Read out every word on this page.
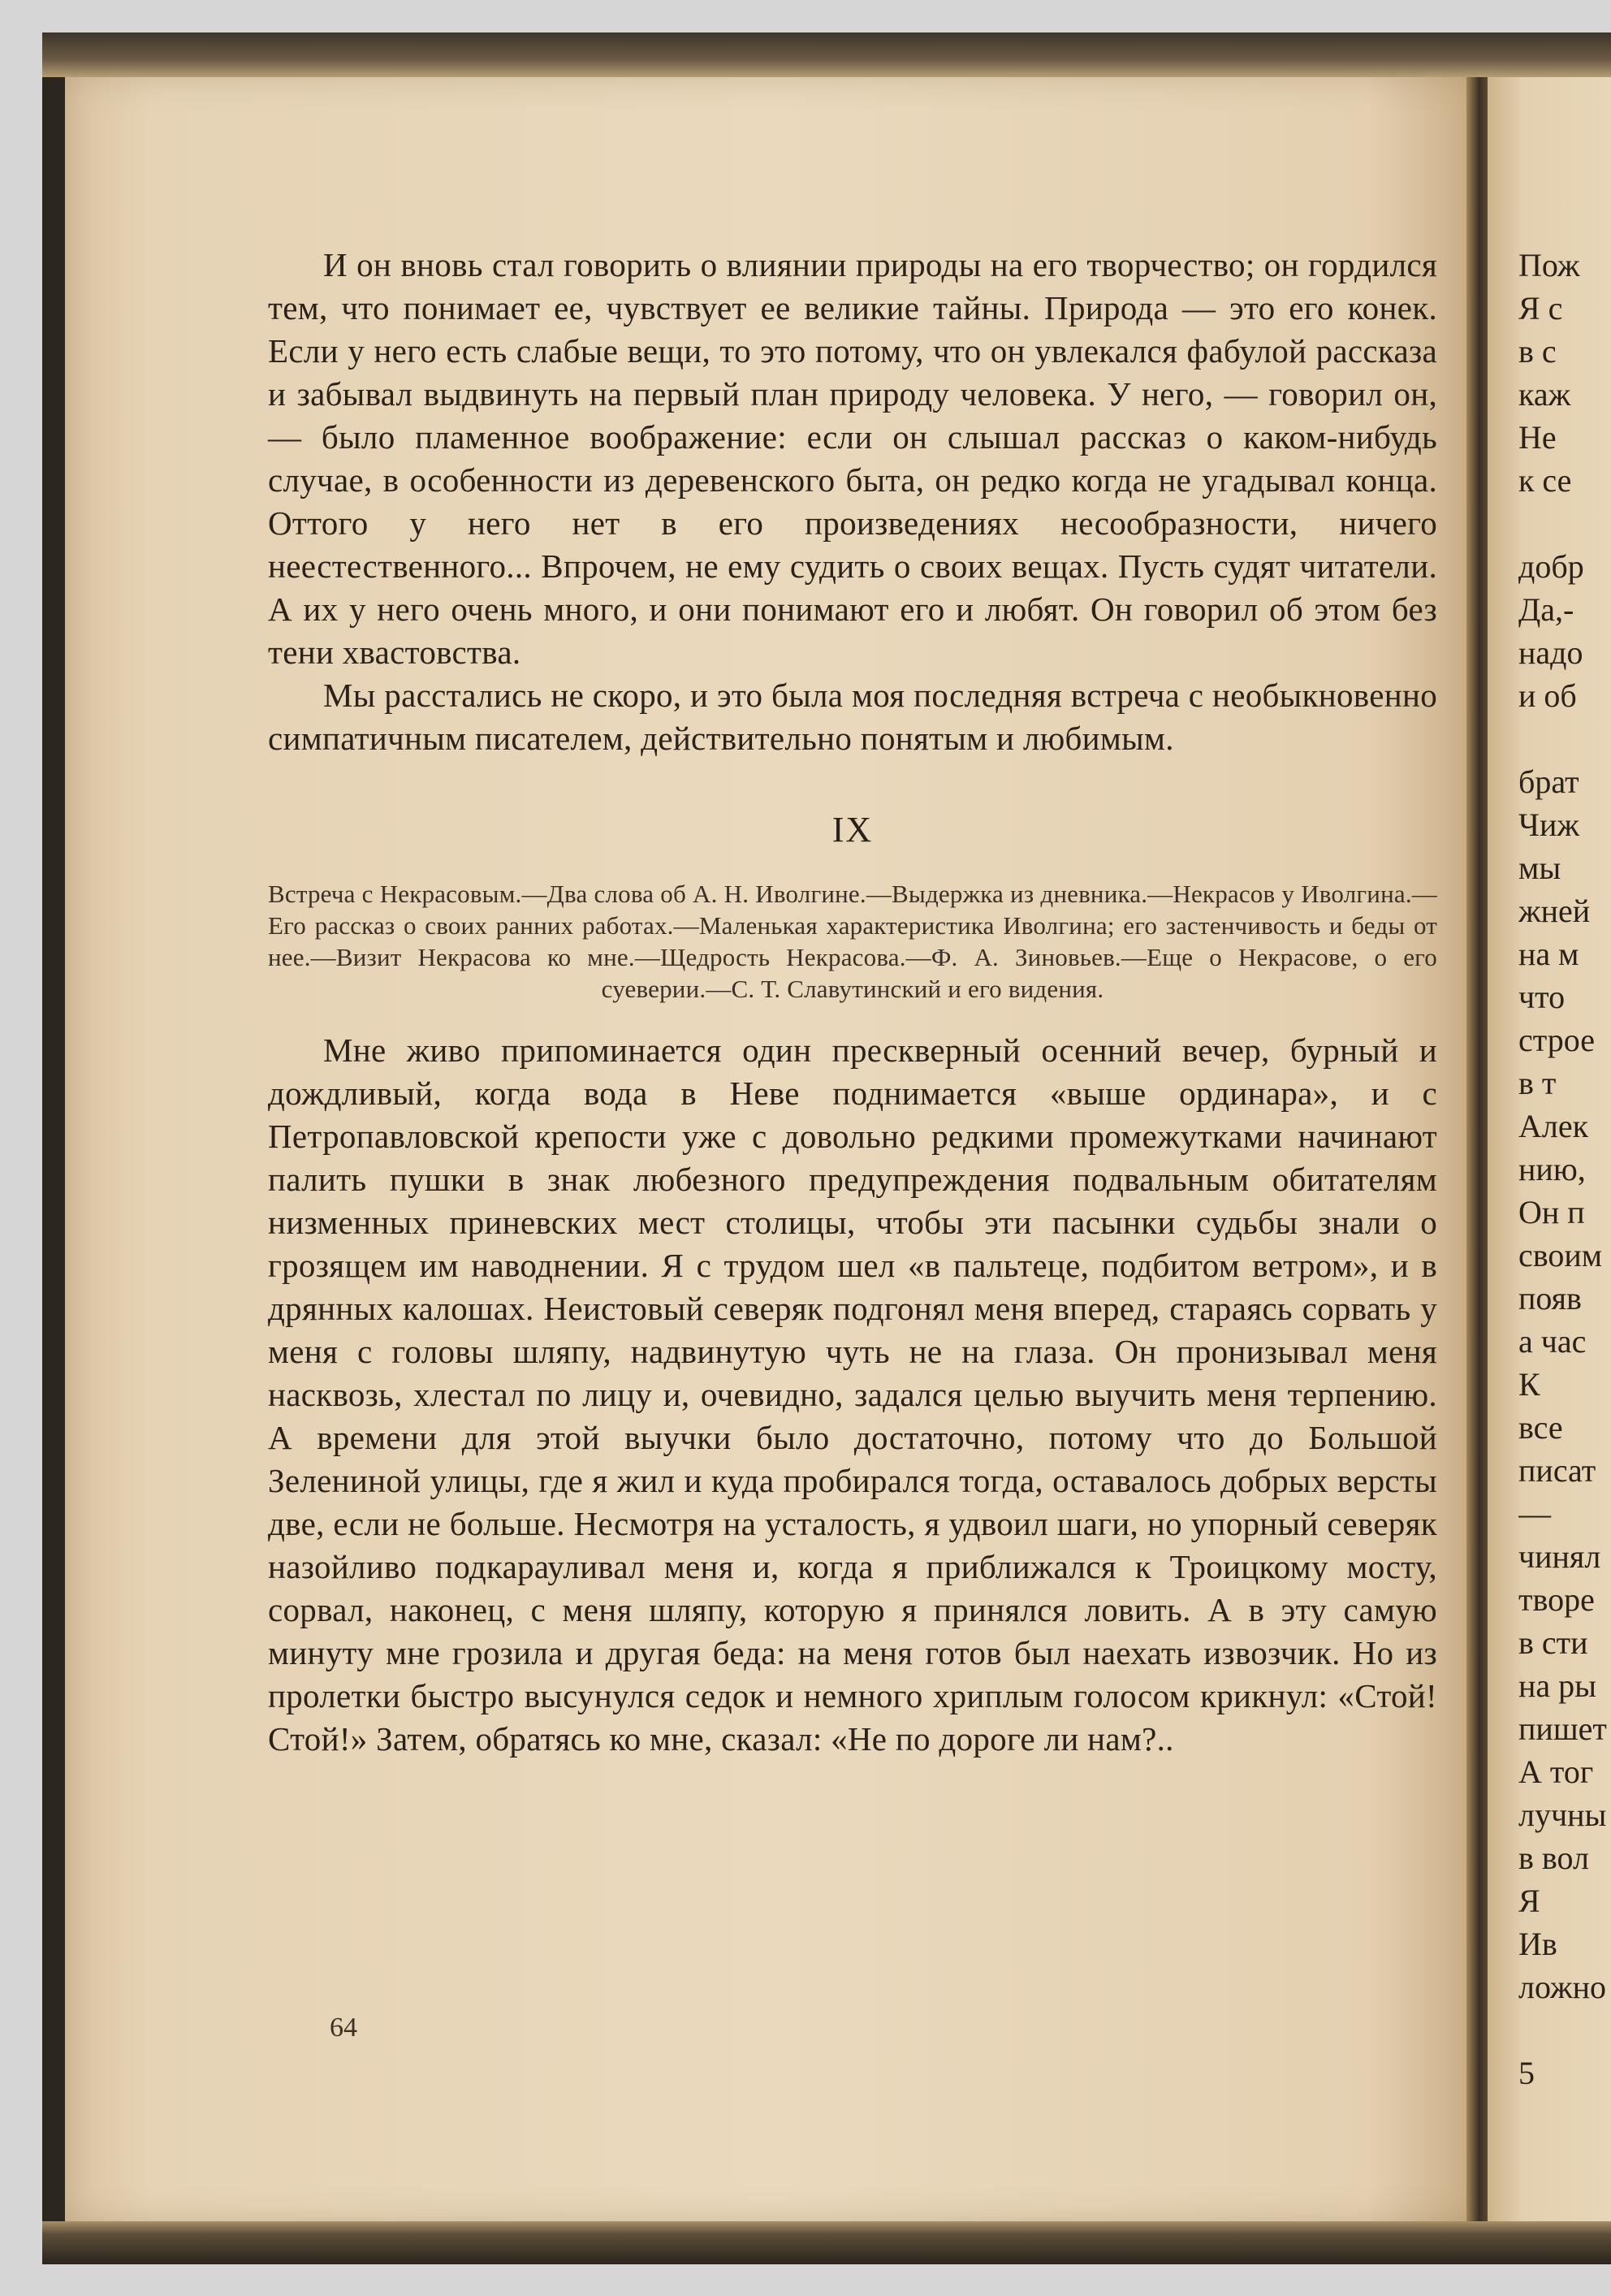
И он вновь стал говорить о влиянии природы на его творчество; он гордился тем, что понимает ее, чувствует ее великие тайны. Природа — это его конек. Если у него есть слабые вещи, то это потому, что он увлекался фабулой рассказа и забывал выдвинуть на первый план природу человека. У него, — говорил он, — было пламенное воображение: если он слышал рассказ о каком-нибудь случае, в особенности из деревенского быта, он редко когда не угадывал конца. Оттого у него нет в его произведениях несообразности, ничего неестественного... Впрочем, не ему судить о своих вещах. Пусть судят читатели. А их у него очень много, и они понимают его и любят. Он говорил об этом без тени хвастовства.

Мы расстались не скоро, и это была моя последняя встреча с необыкновенно симпатичным писателем, действительно понятым и любимым.

IX

Встреча с Некрасовым.—Два слова об А. Н. Иволгине.—Выдержка из дневника.—Некрасов у Иволгина.—Его рассказ о своих ранних работах.—Маленькая характеристика Иволгина; его застенчивость и беды от нее.—Визит Некрасова ко мне.—Щедрость Некрасова.—Ф. А. Зиновьев.—Еще о Некрасове, о его суеверии.—С. Т. Славутинский и его видения.

Мне живо припоминается один прескверный осенний вечер, бурный и дождливый, когда вода в Неве поднимается «выше ординара», и с Петропавловской крепости уже с довольно редкими промежутками начинают палить пушки в знак любезного предупреждения подвальным обитателям низменных приневских мест столицы, чтобы эти пасынки судьбы знали о грозящем им наводнении. Я с трудом шел «в пальтеце, подбитом ветром», и в дрянных калошах. Неистовый северяк подгонял меня вперед, стараясь сорвать у меня с головы шляпу, надвинутую чуть не на глаза. Он пронизывал меня насквозь, хлестал по лицу и, очевидно, задался целью выучить меня терпению. А времени для этой выучки было достаточно, потому что до Большой Зелениной улицы, где я жил и куда пробирался тогда, оставалось добрых версты две, если не больше. Несмотря на усталость, я удвоил шаги, но упорный северяк назойливо подкарауливал меня и, когда я приближался к Троицкому мосту, сорвал, наконец, с меня шляпу, которую я принялся ловить. А в эту самую минуту мне грозила и другая беда: на меня готов был наехать извозчик. Но из пролетки быстро высунулся седок и немного хриплым голосом крикнул: «Стой! Стой!» Затем, обратясь ко мне, сказал: «Не по дороге ли нам?..

64
Пож
Я с
в с
каж
Не
к се
добр
Да,-
надо
и об
брат
Чиж
мы
жней
на м
что
строе
в т
Алек
нию,
Он п
своим
появ
а час
К
все
писат
—
чинял
творе
в сти
на ры
пишет
А тог
лучны
в вол
Я
Ив
ложно
5
